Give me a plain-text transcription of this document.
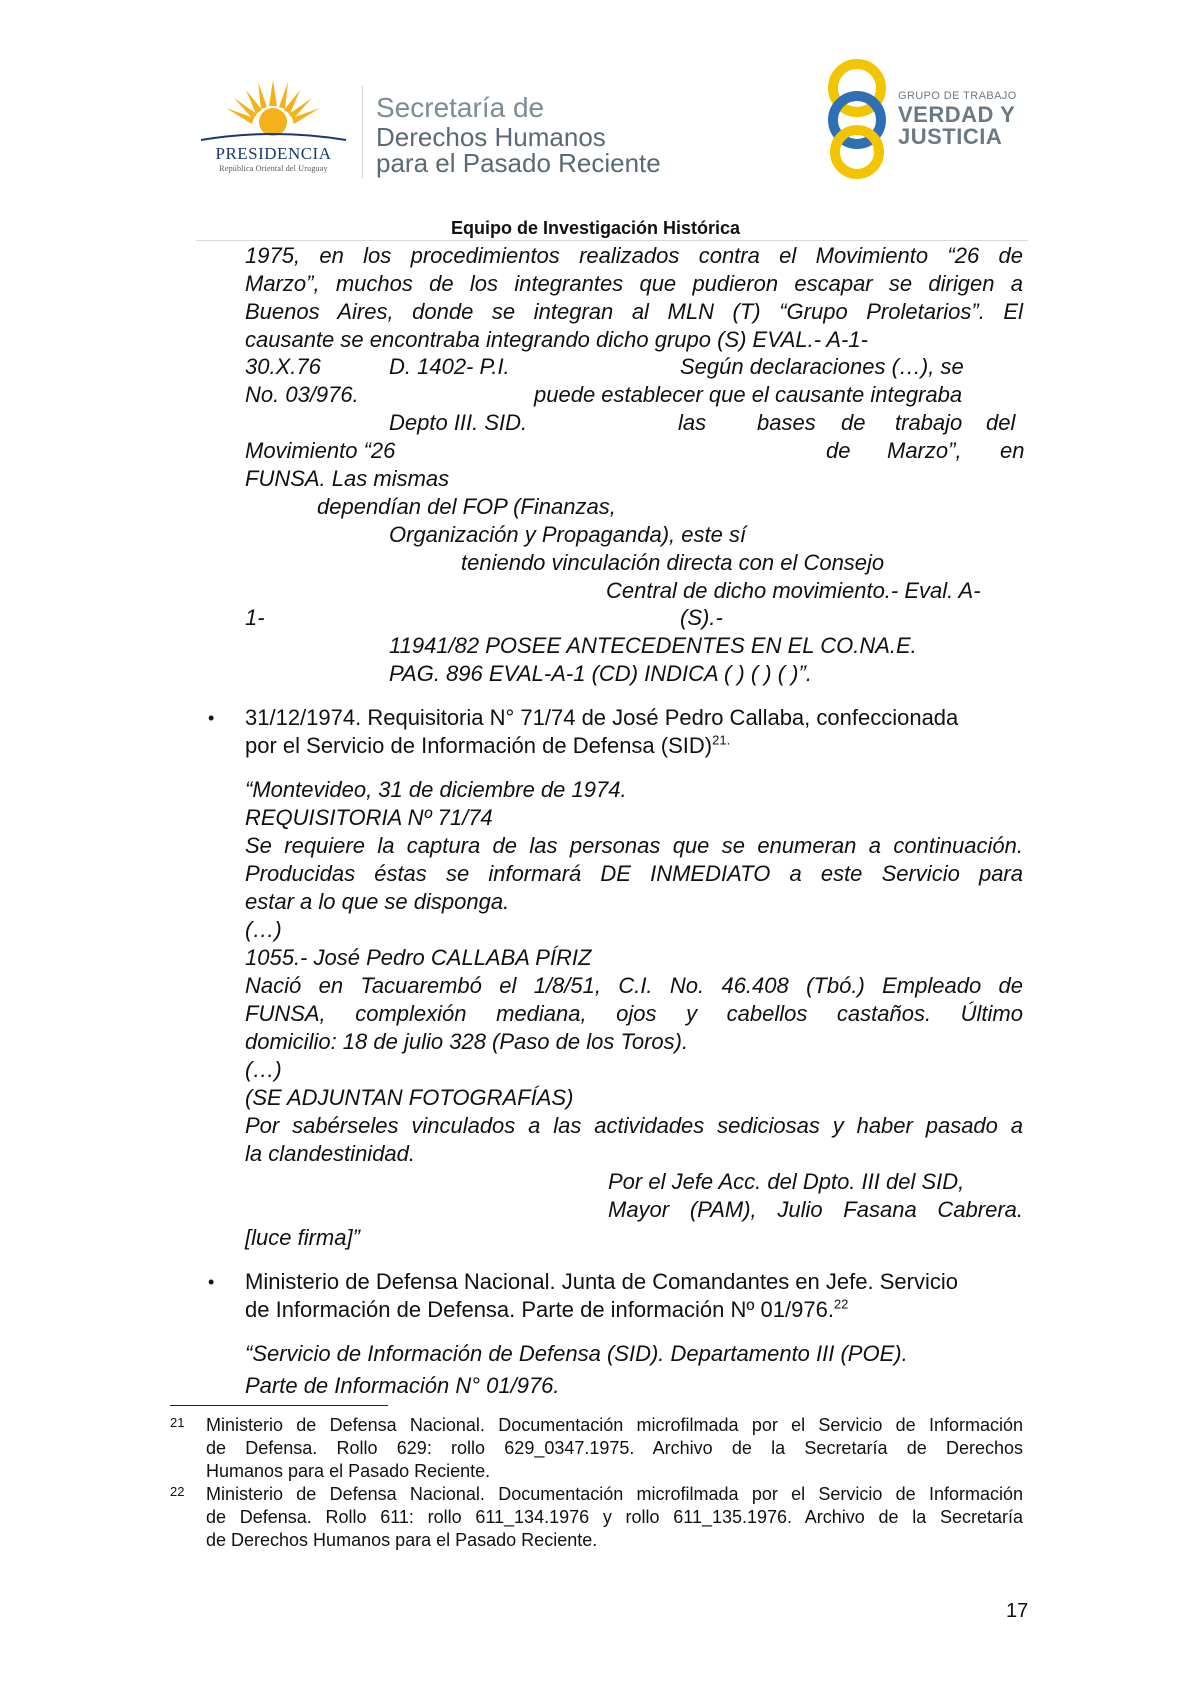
PRESIDENCIA
República Oriental del Uruguay
Secretaría de
Derechos Humanos
para el Pasado Reciente
GRUPO DE TRABAJO
VERDAD Y
JUSTICIA
Equipo de Investigación Histórica
1975, en los procedimientos realizados contra el Movimiento “26 de
Marzo”, muchos de los integrantes que pudieron escapar se dirigen a
Buenos Aires, donde se integran al MLN (T) “Grupo Proletarios”. El
causante se encontraba integrando dicho grupo (S) EVAL.- A-1-
30.X.76	D. 1402- P.I.	Según declaraciones (…), se
No. 03/976.	puede establecer que el causante integraba
Depto III. SID.	las bases de trabajo del
Movimiento “26	de Marzo”, en
FUNSA. Las mismas
dependían del FOP (Finanzas,
Organización y Propaganda), este sí
teniendo vinculación directa con el Consejo
Central de dicho movimiento.- Eval. A-
1-	(S).-
11941/82 POSEE ANTECEDENTES EN EL CO.NA.E.
PAG. 896 EVAL-A-1 (CD) INDICA ( ) ( ) ( )”.
• 31/12/1974. Requisitoria N° 71/74 de José Pedro Callaba, confeccionada
por el Servicio de Información de Defensa (SID)$^{21.}$
“Montevideo, 31 de diciembre de 1974.
REQUISITORIA Nº 71/74
Se requiere la captura de las personas que se enumeran a continuación.
Producidas éstas se informará DE INMEDIATO a este Servicio para
estar a lo que se disponga.
(…)
1055.- José Pedro CALLABA PÍRIZ
Nació en Tacuarembó el 1/8/51, C.I. No. 46.408 (Tbó.) Empleado de
FUNSA, complexión mediana, ojos y cabellos castaños. Último
domicilio: 18 de julio 328 (Paso de los Toros).
(…)
(SE ADJUNTAN FOTOGRAFÍAS)
Por sabérseles vinculados a las actividades sediciosas y haber pasado a
la clandestinidad.
Por el Jefe Acc. del Dpto. III del SID,
Mayor (PAM), Julio Fasana Cabrera.
[luce firma]”
• Ministerio de Defensa Nacional. Junta de Comandantes en Jefe. Servicio
de Información de Defensa. Parte de información Nº 01/976.22
“Servicio de Información de Defensa (SID). Departamento III (POE).
Parte de Información N° 01/976.
21 Ministerio de Defensa Nacional. Documentación microfilmada por el Servicio de Información
de Defensa. Rollo 629: rollo 629_0347.1975. Archivo de la Secretaría de Derechos
Humanos para el Pasado Reciente.
22 Ministerio de Defensa Nacional. Documentación microfilmada por el Servicio de Información
de Defensa. Rollo 611: rollo 611_134.1976 y rollo 611_135.1976. Archivo de la Secretaría
de Derechos Humanos para el Pasado Reciente.
17
